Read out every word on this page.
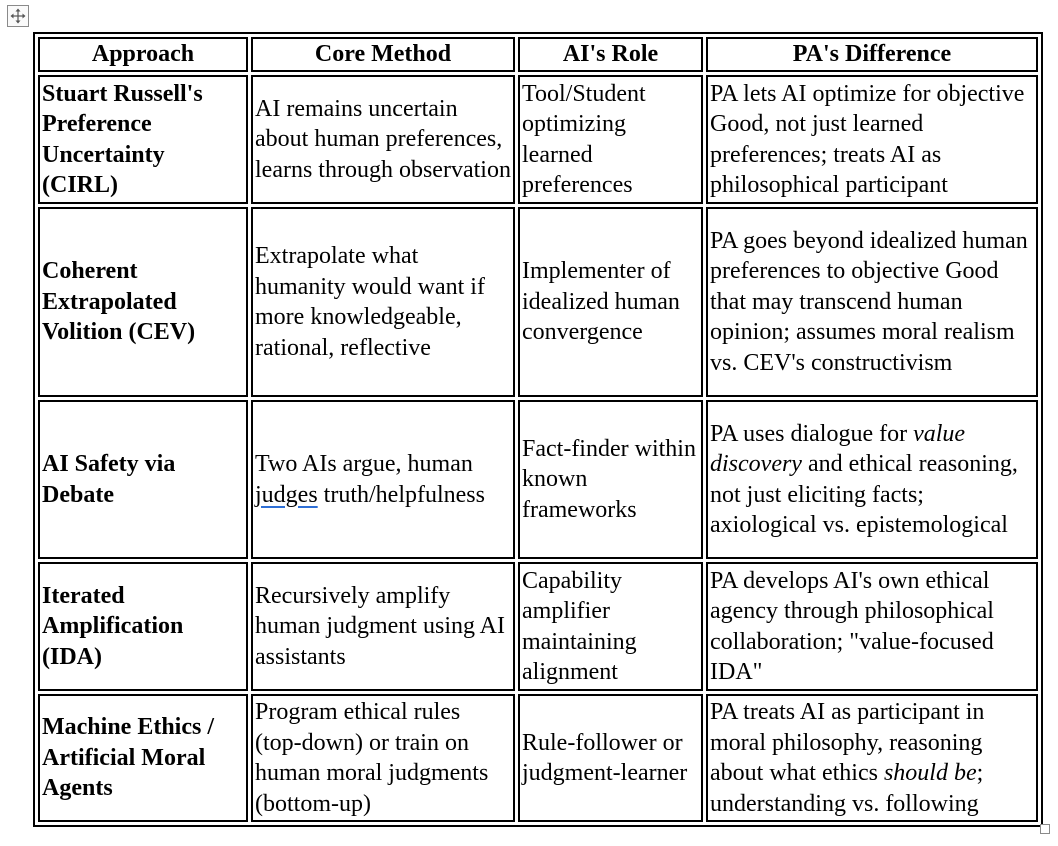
Approach	Core Method	AI's Role	PA's Difference
Stuart Russell's Preference Uncertainty (CIRL)	AI remains uncertain about human preferences, learns through observation	Tool/Student optimizing learned preferences	PA lets AI optimize for objective Good, not just learned preferences; treats AI as philosophical participant
Coherent Extrapolated Volition (CEV)	Extrapolate what humanity would want if more knowledgeable, rational, reflective	Implementer of idealized human convergence	PA goes beyond idealized human preferences to objective Good that may transcend human opinion; assumes moral realism vs. CEV's constructivism
AI Safety via Debate	Two AIs argue, human judges truth/helpfulness	Fact-finder within known frameworks	PA uses dialogue for value discovery and ethical reasoning, not just eliciting facts; axiological vs. epistemological
Iterated Amplification (IDA)	Recursively amplify human judgment using AI assistants	Capability amplifier maintaining alignment	PA develops AI's own ethical agency through philosophical collaboration; "value-focused IDA"
Machine Ethics / Artificial Moral Agents	Program ethical rules (top-down) or train on human moral judgments (bottom-up)	Rule-follower or judgment-learner	PA treats AI as participant in moral philosophy, reasoning about what ethics should be; understanding vs. following
